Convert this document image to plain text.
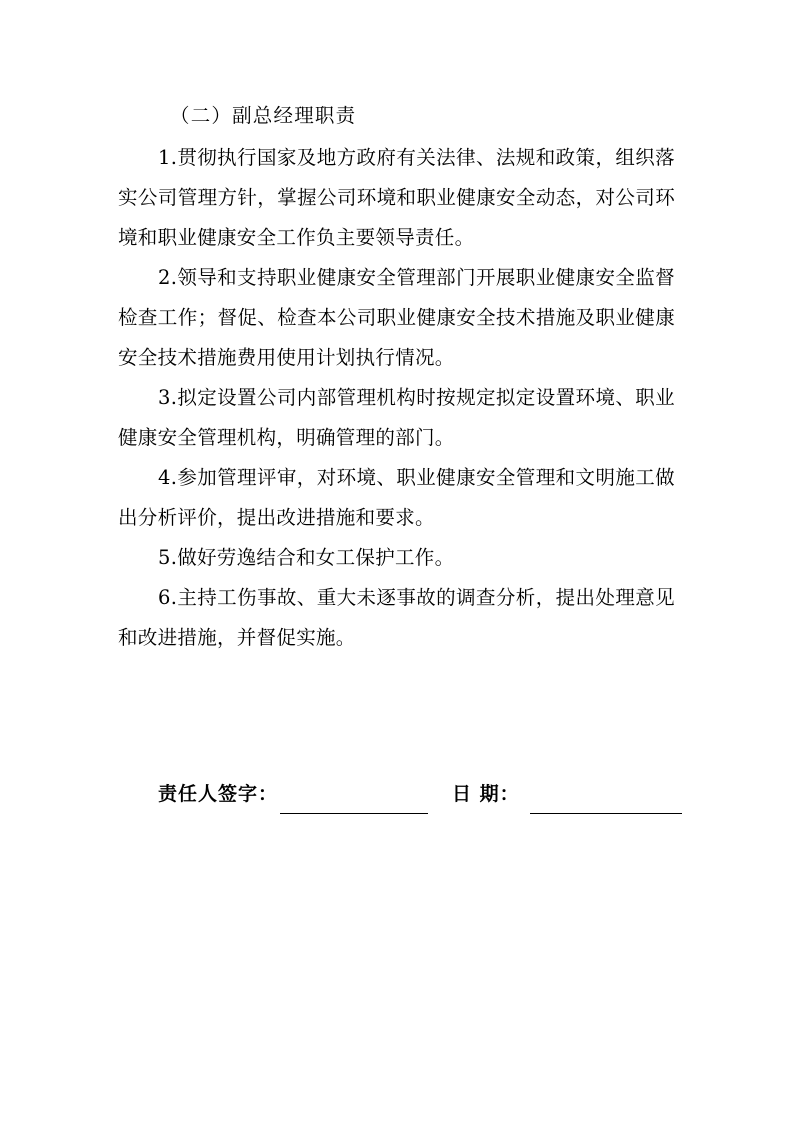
（二）副总经理职责

1.贯彻执行国家及地方政府有关法律、法规和政策，组织落实公司管理方针，掌握公司环境和职业健康安全动态，对公司环境和职业健康安全工作负主要领导责任。

2.领导和支持职业健康安全管理部门开展职业健康安全监督检查工作；督促、检查本公司职业健康安全技术措施及职业健康安全技术措施费用使用计划执行情况。

3.拟定设置公司内部管理机构时按规定拟定设置环境、职业健康安全管理机构，明确管理的部门。

4.参加管理评审，对环境、职业健康安全管理和文明施工做出分析评价，提出改进措施和要求。

5.做好劳逸结合和女工保护工作。

6.主持工伤事故、重大未逐事故的调查分析，提出处理意见和改进措施，并督促实施。

责任人签字：	日 期：
